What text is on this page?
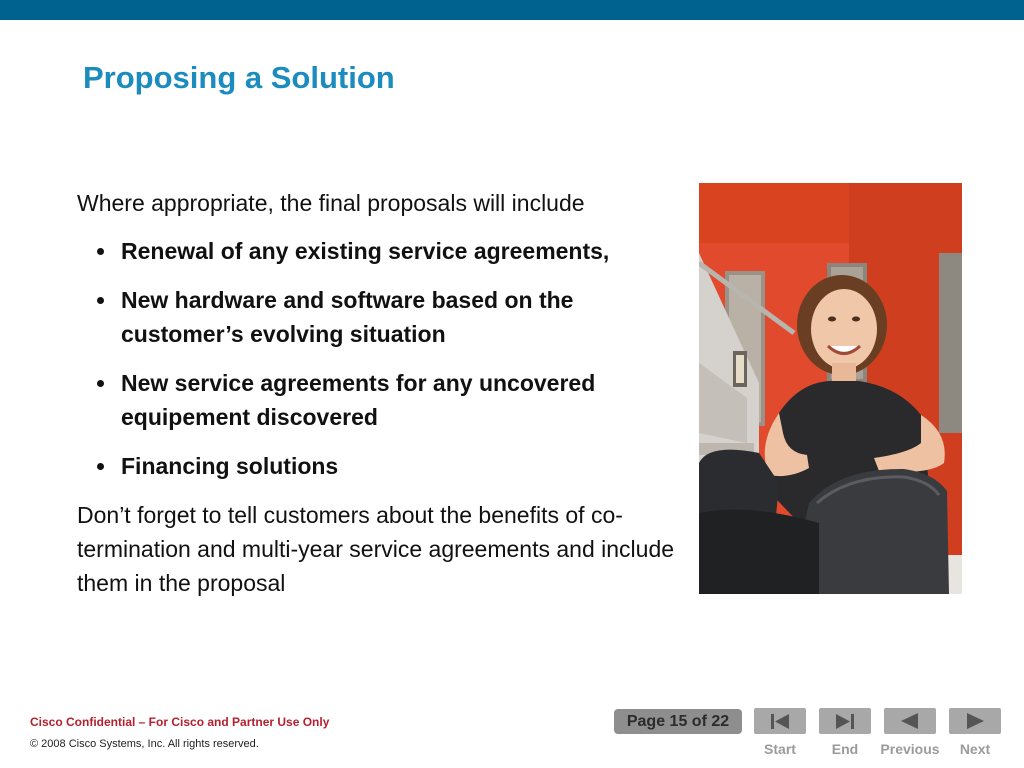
Proposing a Solution

Where appropriate, the final proposals will include

Renewal of any existing service agreements,
New hardware and software based on the customer’s evolving situation
New service agreements for any uncovered equipement discovered
Financing solutions

Don’t forget to tell customers about the benefits of co-termination and multi-year service agreements and include them in the proposal

Cisco Confidential – For Cisco and Partner Use Only
© 2008 Cisco Systems, Inc. All rights reserved.
Page 15 of 22
Start	End	Previous	Next
